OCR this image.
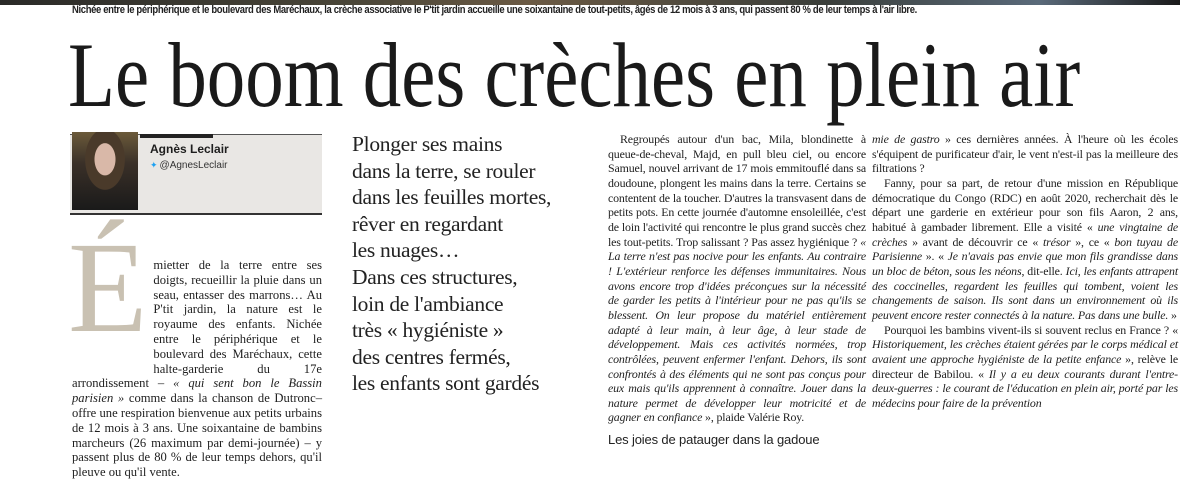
Nichée entre le périphérique et le boulevard des Maréchaux, la crèche associative le P'tit jardin accueille une soixantaine de tout-petits, âgés de 12 mois à 3 ans, qui passent 80 % de leur temps à l'air libre.
Le boom des crèches en plein air
Agnès Leclair
✦ @AgnesLeclair
É mietter de la terre entre ses doigts, recueillir la pluie dans un seau, entasser des marrons… Au P'tit jardin, la nature est le royaume des enfants. Nichée entre le périphérique et le boulevard des Maréchaux, cette halte-garderie du 17e arrondissement – « qui sent bon le Bassin parisien » comme dans la chanson de Dutronc– offre une respiration bienvenue aux petits urbains de 12 mois à 3 ans. Une soixantaine de bambins marcheurs (26 maximum par demi-journée) – y passent plus de 80 % de leur temps dehors, qu'il pleuve ou qu'il vente.

Plonger ses mains
dans la terre, se rouler
dans les feuilles mortes,
rêver en regardant
les nuages…
Dans ces structures,
loin de l'ambiance
très « hygiéniste »
des centres fermés,
les enfants sont gardés

Regroupés autour d'un bac, Mila, blondinette à queue-de-cheval, Majd, en pull bleu ciel, ou encore Samuel, nouvel arrivant de 17 mois emmitouflé dans sa doudoune, plongent les mains dans la terre. Certains se contentent de la toucher. D'autres la transvasent dans de petits pots. En cette journée d'automne ensoleillée, c'est de loin l'activité qui rencontre le plus grand succès chez les tout-petits. Trop salissant ? Pas assez hygiénique ? « La terre n'est pas nocive pour les enfants. Au contraire ! L'extérieur renforce les défenses immunitaires. Nous avons encore trop d'idées préconçues sur la nécessité de garder les petits à l'intérieur pour ne pas qu'ils se blessent. On leur propose du matériel entièrement adapté à leur main, à leur âge, à leur stade de développement. Mais ces activités normées, trop contrôlées, peuvent enfermer l'enfant. Dehors, ils sont confrontés à des éléments qui ne sont pas conçus pour eux mais qu'ils apprennent à connaître. Jouer dans la nature permet de développer leur motricité et de gagner en confiance », plaide Valérie Roy.

Les joies de patauger dans la gadoue

mie de gastro » ces dernières années. À l'heure où les écoles s'équipent de purificateur d'air, le vent n'est-il pas la meilleure des filtrations ?

Fanny, pour sa part, de retour d'une mission en République démocratique du Congo (RDC) en août 2020, recherchait dès le départ une garderie en extérieur pour son fils Aaron, 2 ans, habitué à gambader librement. Elle a visité « une vingtaine de crèches » avant de découvrir ce « trésor », ce « bon tuyau de Parisienne ». « Je n'avais pas envie que mon fils grandisse dans un bloc de béton, sous les néons, dit-elle. Ici, les enfants attrapent des coccinelles, regardent les feuilles qui tombent, voient les changements de saison. Ils sont dans un environnement où ils peuvent encore rester connectés à la nature. Pas dans une bulle. »

Pourquoi les bambins vivent-ils si souvent reclus en France ? « Historiquement, les crèches étaient gérées par le corps médical et avaient une approche hygiéniste de la petite enfance », relève le directeur de Babilou. « Il y a eu deux courants durant l'entre-deux-guerres : le courant de l'éducation en plein air, porté par les médecins pour faire de la prévention
